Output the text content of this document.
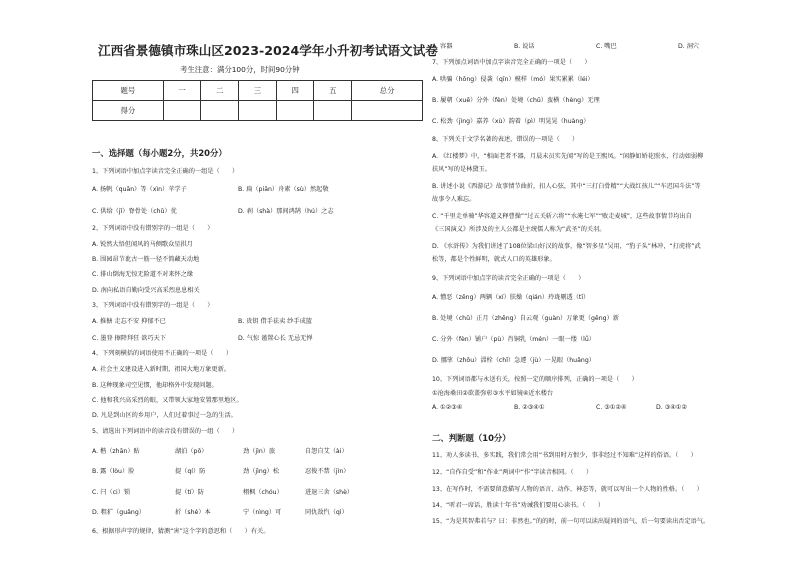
江西省景德镇市珠山区2023-2024学年小升初考试语文试卷
考生注意：满分100分，时间90分钟
题号	一	二	三	四	五	总分
得分						
一、选择题（每小题2分，共20分）
1、下列词语中加点字读音完全正确的一组是（　　）
A. 扬帆（quān）等（xìn）苹学子	B. 扁（piān）舟素（sù）然起敬
C. 供给（jǐ）脊骨处（chǔ）优	D. 刹（shà）那间鸿鹄（hú）之志
2、下列词语中没有错别字的一组是（　　）
A. 锐然大悟但闻风的马侧歌众星拱月
B. 围园昂节讹古一筋一径不简藏天动地
C. 排山倒海无惊无险道不对来怀之缘
D. 南向私语自勤向受兴高采烈息息相关
3、下列词语中没有错别字的一组是（　　）
A. 推搪 走忘不安 抑郁不已	B. 贵钥 借手祛卖 纱手成篮
C. 墨登 擦降拜狂 欲巧天下	D. 气惊 谨置心长 无忌无惮
4、下列刻横括的词语使用不正确的一项是（　　）
A. 社会主义建设进入新时期，祖国大地万象更新。
B. 这种现象司空见惯，他却格外中发现问题。
C. 他和我兴高采烈的眼，又带领大家地安置那里地区。
D. 凡是到山区的乡用户，人们过着事过一急的生活。
5、请选出下列词语中的读音没有错误的一组（　　）
A. 楷（zhān）贴	湖泊（pō）	劲（jìn）旅	自怨自艾（ài）
B. 露（lòu）脸	提（qí）防	劲（jìng）松	忍俊不禁（jìn）
C. 闩（ci）锁	提（tí）防	栩枫（chóu）	进退三舍（shè）
D. 粗犷（guǎng）	折（shé）本	宁（nìng）可	同仇敌忾（qì）
6、根据形声字的规律，猜测“害”这个字的意思和（　　）有关。
A. 容器	B. 说话	C. 嘴巴	D. 洞穴
7、下列加点词语中加点字读音完全正确的一项是（　　）
A. 哄骗（hǒng）侵袭（qīn）模样（mó）果实累累（léi）
B. 履朝（xuē）分外（fèn）处境（chǔ）蛮横（hèng）无理
C. 松劲（jìng）嘉养（xù）韵着（pì）明晃晃（huàng）
8、下列关于文学名著的表述，错误的一项是（　　）
A. 《红楼梦》中，“相面老者不器，月晨未员实先闻”写的是王熙凤。“闲静如娇花照水，行动如弱柳
扶风”写的是林黛玉。
B. 讲述小说《西游记》故事情节曲折，扣人心弦，其中“三打白骨精”“大战红孩儿”“车迟国斗法”等
故事令人难忘。
C. “千里走单骑”华容道义释曹操”“过五关斩六将”“水淹七军”“败走麦城”，这些故事情节均出自
《三国演义》所涉及的主人公都是主统儒人称为“武圣”的关羽。
D. 《水浒传》为我们讲述了108位梁山好汉的故事，像“智多星”吴用，“豹子头”林冲，“打虎将”武
松等，都是个性鲜明，就式人口的英雄形象。
9、下列词语中加点字的读音完全正确的一项是（　　）
A. 憎恶（zēng）两辆（xí）肤燥（qián）玲珑剔透（tī）
B. 处境（chǔ）正月（zhēng）自云观（guàn）万象更（gēng）新
C. 分外（fèn）铺户（pù）肖铜乳（mén）一眼一缕（lǚ）
D. 挪挲（zhōu）淄栓（chǐ）急遽（jù）一晃眼（huǎng）
10、下列词语都与永送有关，按照一定的顺序排列，正确的一项是（　　）
①沧海桑田②欲盖弥彰③水平如镜④近水楼台
A. ①②③④	B. ②③④①	C. ③①②④	D. ③④①②
二、判断题（10分）
11、劝人多读书，多实践，我们常会用“书到用时方恨少，事非经过不知难”这样的俗语。（　　）
12、“自作自受”和“作业”两词中“作”字读音相同。（　　）
13、在写作时，不需要留意描写人物的语言、动作、神态等，就可以写出一个人物的性格。（　　）
14、“听君一席话，胜读十年书”劝诫我们要用心读书。（　　）
15、“为是其智弗若与？曰：非然也。”的的时，前一句可以读出疑问的语气，后一句要读出否定语气。
